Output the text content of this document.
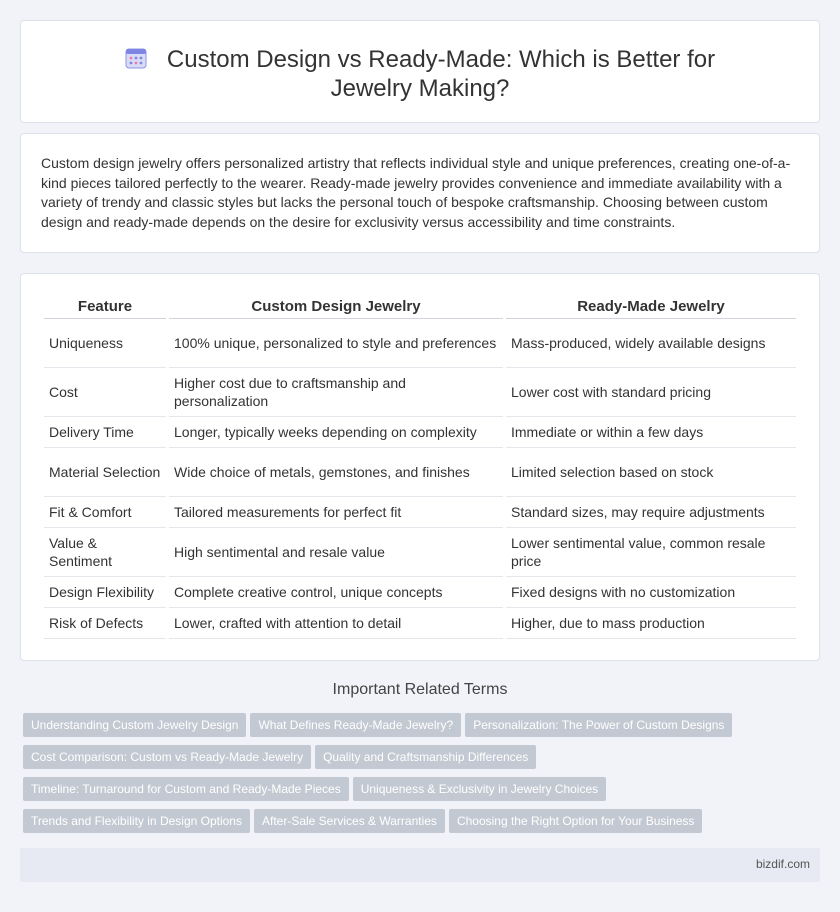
Custom Design vs Ready-Made: Which is Better for Jewelry Making?

Custom design jewelry offers personalized artistry that reflects individual style and unique preferences, creating one-of-a-kind pieces tailored perfectly to the wearer. Ready-made jewelry provides convenience and immediate availability with a variety of trendy and classic styles but lacks the personal touch of bespoke craftsmanship. Choosing between custom design and ready-made depends on the desire for exclusivity versus accessibility and time constraints.

Feature	Custom Design Jewelry	Ready-Made Jewelry
Uniqueness	100% unique, personalized to style and preferences	Mass-produced, widely available designs
Cost	Higher cost due to craftsmanship and personalization	Lower cost with standard pricing
Delivery Time	Longer, typically weeks depending on complexity	Immediate or within a few days
Material Selection	Wide choice of metals, gemstones, and finishes	Limited selection based on stock
Fit & Comfort	Tailored measurements for perfect fit	Standard sizes, may require adjustments
Value & Sentiment	High sentimental and resale value	Lower sentimental value, common resale price
Design Flexibility	Complete creative control, unique concepts	Fixed designs with no customization
Risk of Defects	Lower, crafted with attention to detail	Higher, due to mass production
Important Related Terms
Understanding Custom Jewelry Design What Defines Ready-Made Jewelry? Personalization: The Power of Custom Designs
Cost Comparison: Custom vs Ready-Made Jewelry Quality and Craftsmanship Differences
Timeline: Turnaround for Custom and Ready-Made Pieces Uniqueness & Exclusivity in Jewelry Choices
Trends and Flexibility in Design Options After-Sale Services & Warranties Choosing the Right Option for Your Business
bizdif.com
